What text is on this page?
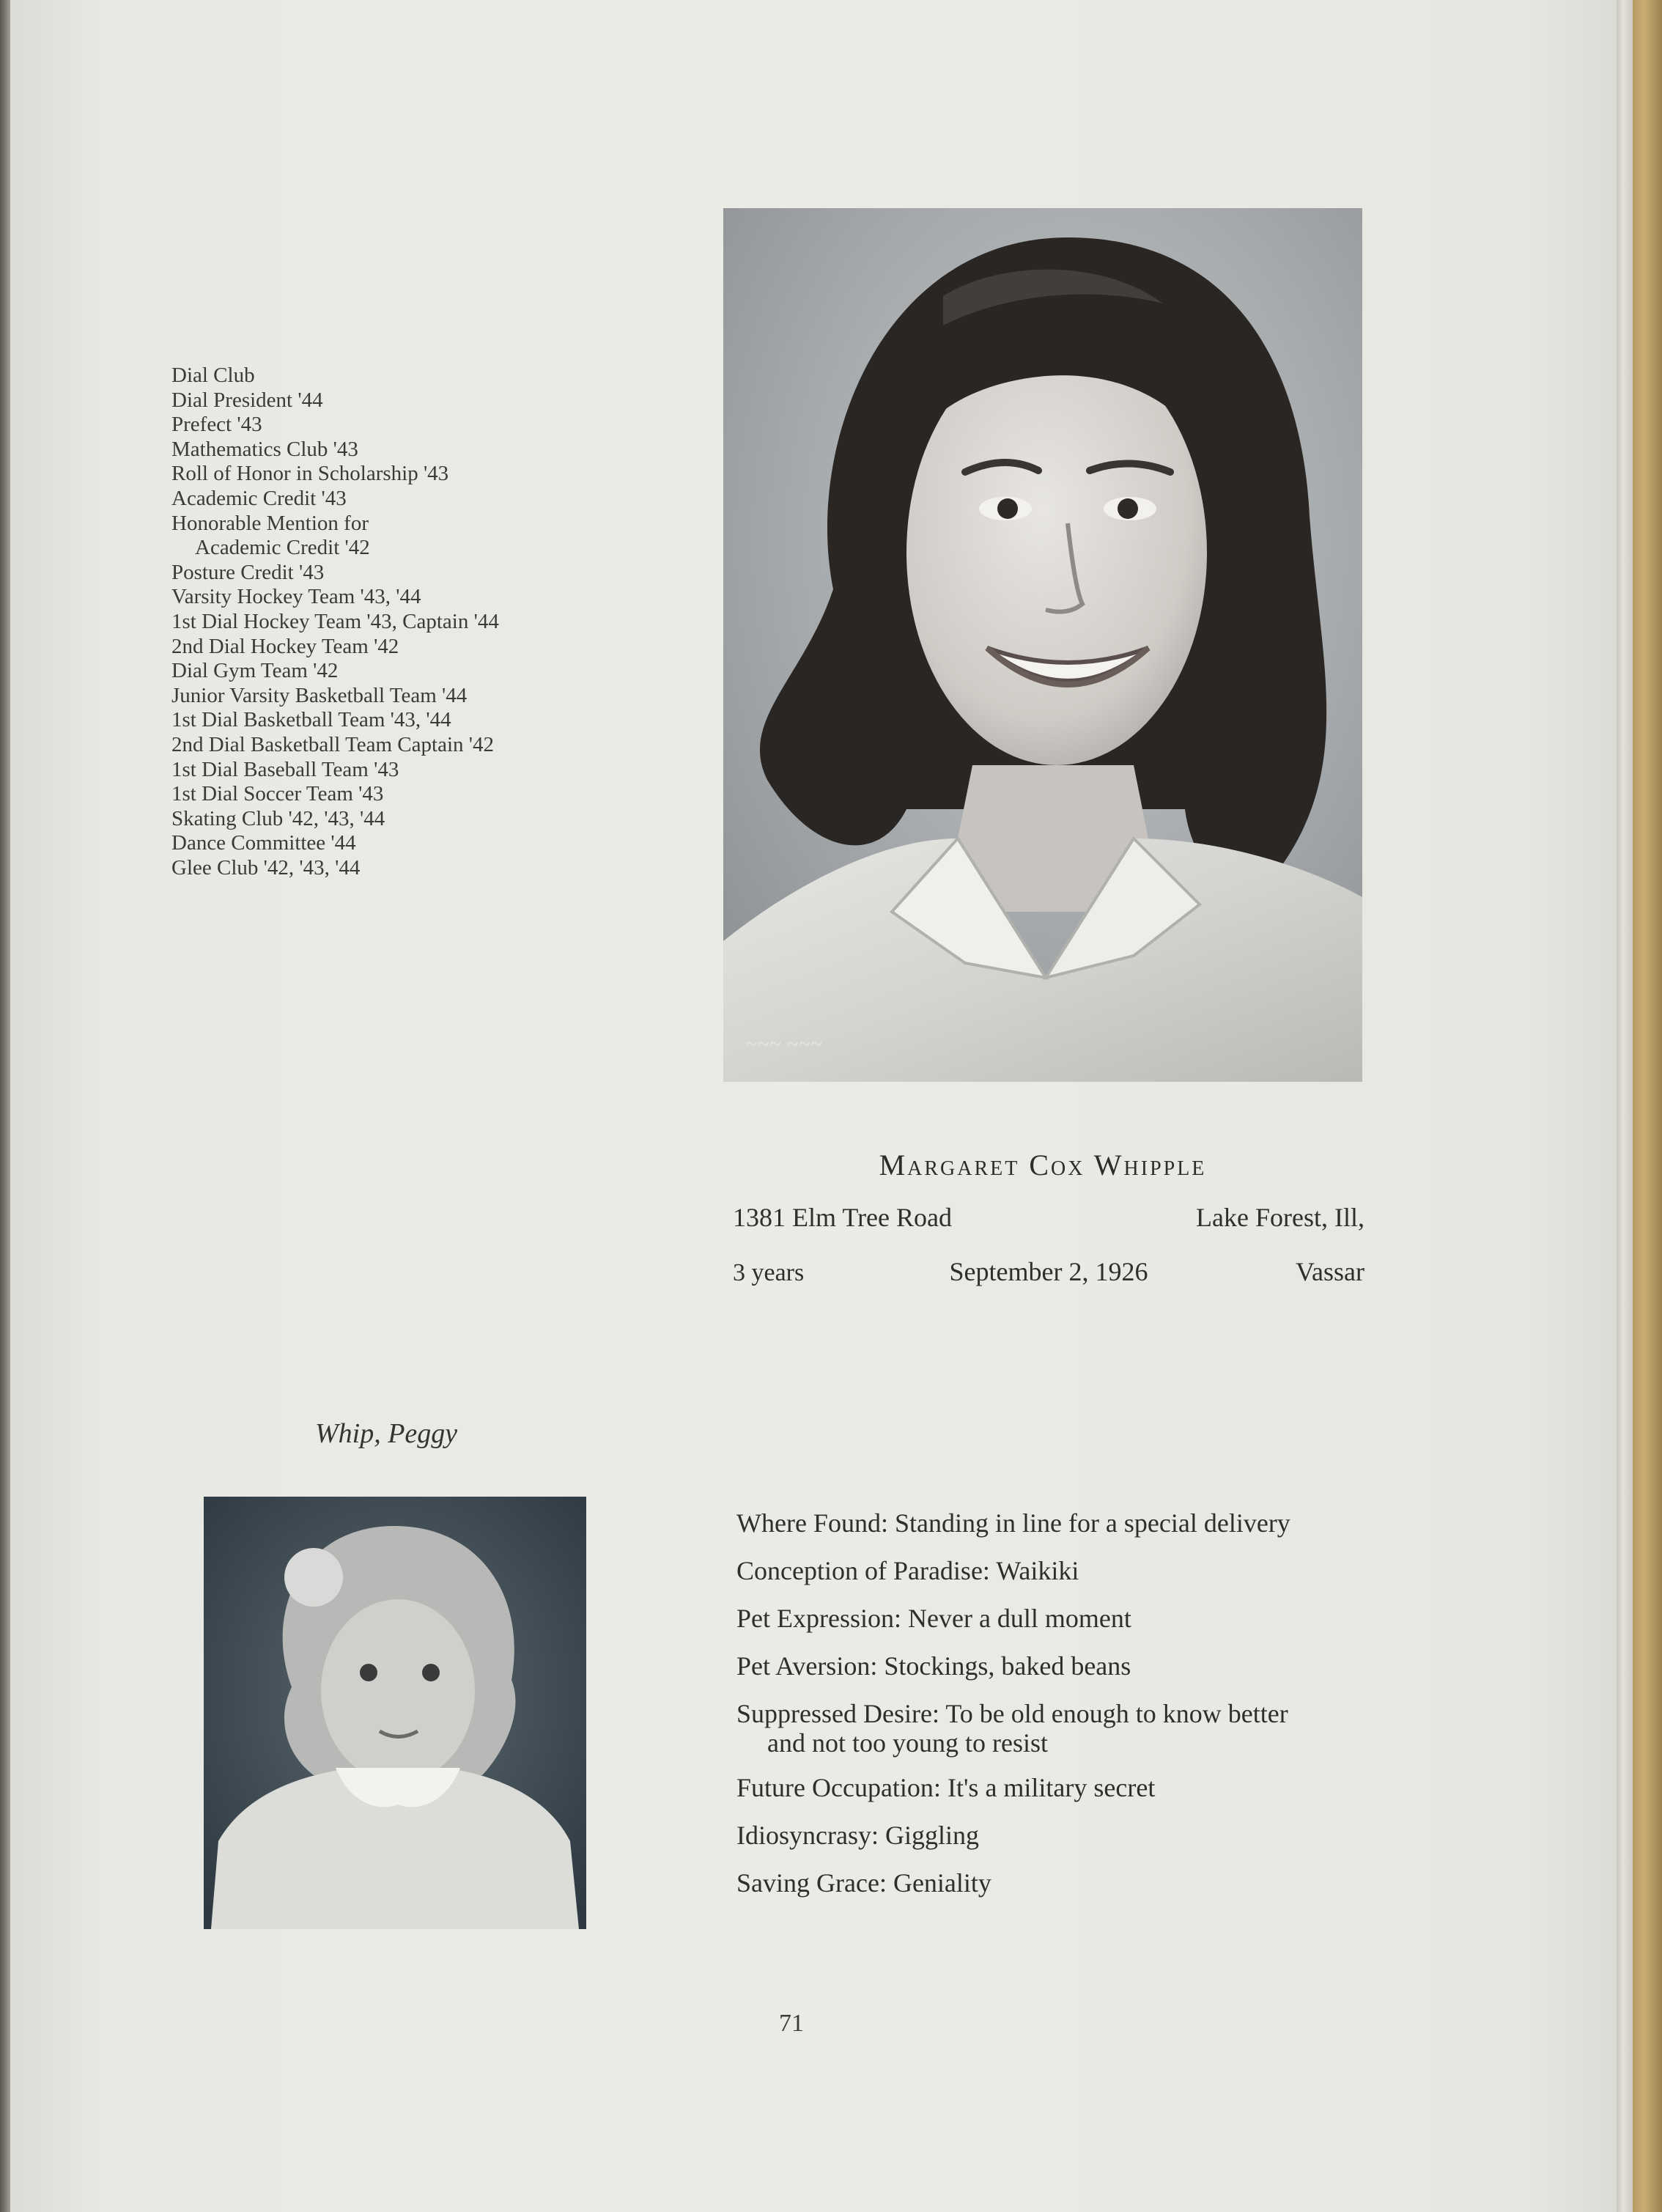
Dial Club
Dial President '44
Prefect '43
Mathematics Club '43
Roll of Honor in Scholarship '43
Academic Credit '43
Honorable Mention for
Academic Credit '42
Posture Credit '43
Varsity Hockey Team '43, '44
1st Dial Hockey Team '43, Captain '44
2nd Dial Hockey Team '42
Dial Gym Team '42
Junior Varsity Basketball Team '44
1st Dial Basketball Team '43, '44
2nd Dial Basketball Team Captain '42
1st Dial Baseball Team '43
1st Dial Soccer Team '43
Skating Club '42, '43, '44
Dance Committee '44
Glee Club '42, '43, '44
~~~ ~~~
Margaret Cox Whipple
1381 Elm Tree Road	Lake Forest, Ill,
3 years	September 2, 1926	Vassar
Whip, Peggy
Where Found : Standing in line for a special delivery
Conception of Paradise : Waikiki
Pet Expression : Never a dull moment
Pet Aversion : Stockings, baked beans
Suppressed Desire : To be old enough to know better
and not too young to resist
Future Occupation : It's a military secret
Idiosyncrasy : Giggling
Saving Grace : Geniality
71
